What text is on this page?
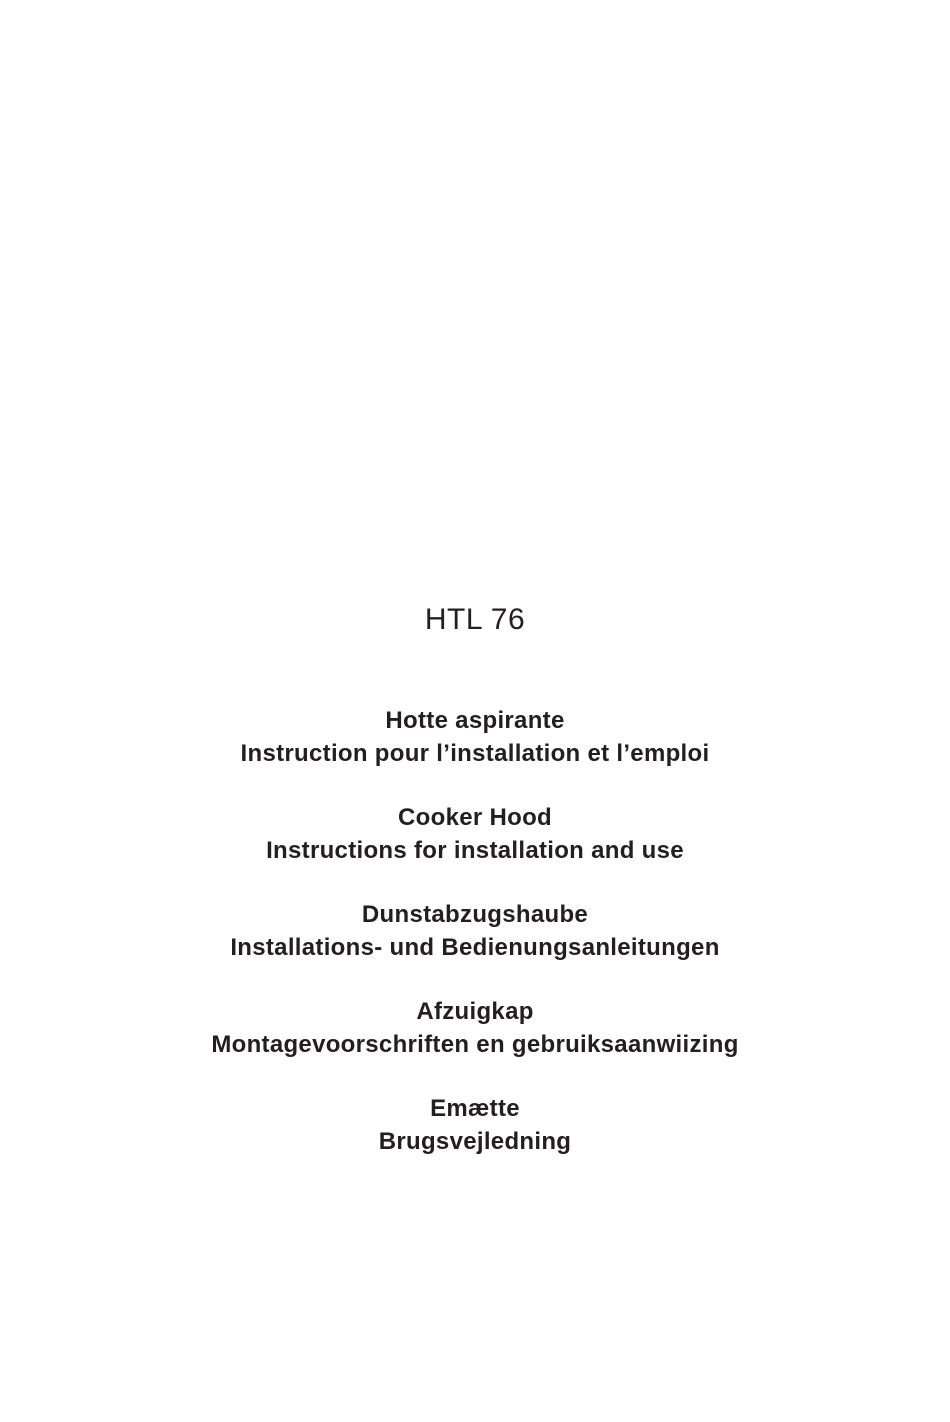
HTL 76
Hotte aspirante
Instruction pour l’installation et l’emploi
Cooker Hood
Instructions for installation and use
Dunstabzugshaube
Installations- und Bedienungsanleitungen
Afzuigkap
Montagevoorschriften en gebruiksaanwiizing
Emætte
Brugsvejledning
